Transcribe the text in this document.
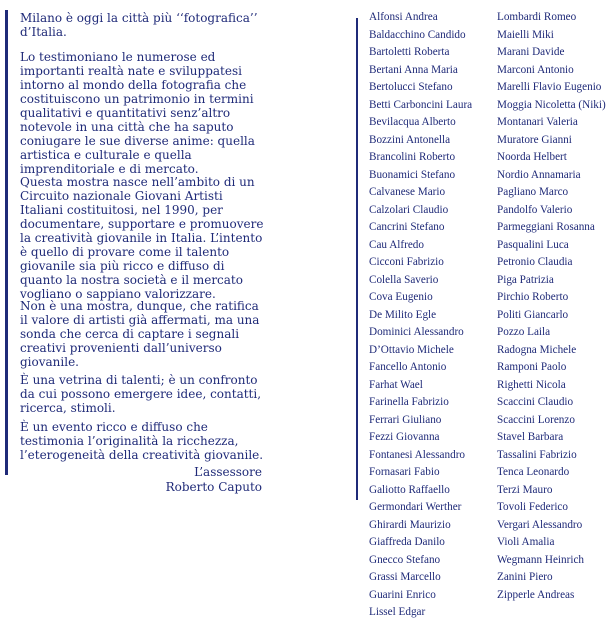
Milano è oggi la città più ‘‘fotografica’’
d’Italia.

Lo testimoniano le numerose ed
importanti realtà nate e sviluppatesi
intorno al mondo della fotografia che
costituiscono un patrimonio in termini
qualitativi e quantitativi senz’altro
notevole in una città che ha saputo
coniugare le sue diverse anime: quella
artistica e culturale e quella
imprenditoriale e di mercato.

Questa mostra nasce nell’ambito di un
Circuito nazionale Giovani Artisti
Italiani costituitosi, nel 1990, per
documentare, supportare e promuovere
la creatività giovanile in Italia. L’intento
è quello di provare come il talento
giovanile sia più ricco e diffuso di
quanto la nostra società e il mercato
vogliano o sappiano valorizzare.

Non è una mostra, dunque, che ratifica
il valore di artisti già affermati, ma una
sonda che cerca di captare i segnali
creativi provenienti dall’universo
giovanile.

È una vetrina di talenti; è un confronto
da cui possono emergere idee, contatti,
ricerca, stimoli.

È un evento ricco e diffuso che
testimonia l’originalità la ricchezza,
l’eterogeneità della creatività giovanile.

L’assessore
Roberto Caputo
Alfonsi Andrea
Baldacchino Candido
Bartoletti Roberta
Bertani Anna Maria
Bertolucci Stefano
Betti Carboncini Laura
Bevilacqua Alberto
Bozzini Antonella
Brancolini Roberto
Buonamici Stefano
Calvanese Mario
Calzolari Claudio
Cancrini Stefano
Cau Alfredo
Cicconi Fabrizio
Colella Saverio
Cova Eugenio
De Milito Egle
Dominici Alessandro
D’Ottavio Michele
Fancello Antonio
Farhat Wael
Farinella Fabrizio
Ferrari Giuliano
Fezzi Giovanna
Fontanesi Alessandro
Fornasari Fabio
Galiotto Raffaello
Germondari Werther
Ghirardi Maurizio
Giaffreda Danilo
Gnecco Stefano
Grassi Marcello
Guarini Enrico
Lissel Edgar
Lombardi Romeo
Maielli Miki
Marani Davide
Marconi Antonio
Marelli Flavio Eugenio
Moggia Nicoletta (Niki)
Montanari Valeria
Muratore Gianni
Noorda Helbert
Nordio Annamaria
Pagliano Marco
Pandolfo Valerio
Parmeggiani Rosanna
Pasqualini Luca
Petronio Claudia
Piga Patrizia
Pirchio Roberto
Politi Giancarlo
Pozzo Laila
Radogna Michele
Ramponi Paolo
Righetti Nicola
Scaccini Claudio
Scaccini Lorenzo
Stavel Barbara
Tassalini Fabrizio
Tenca Leonardo
Terzi Mauro
Tovoli Federico
Vergari Alessandro
Violi Amalia
Wegmann Heinrich
Zanini Piero
Zipperle Andreas
